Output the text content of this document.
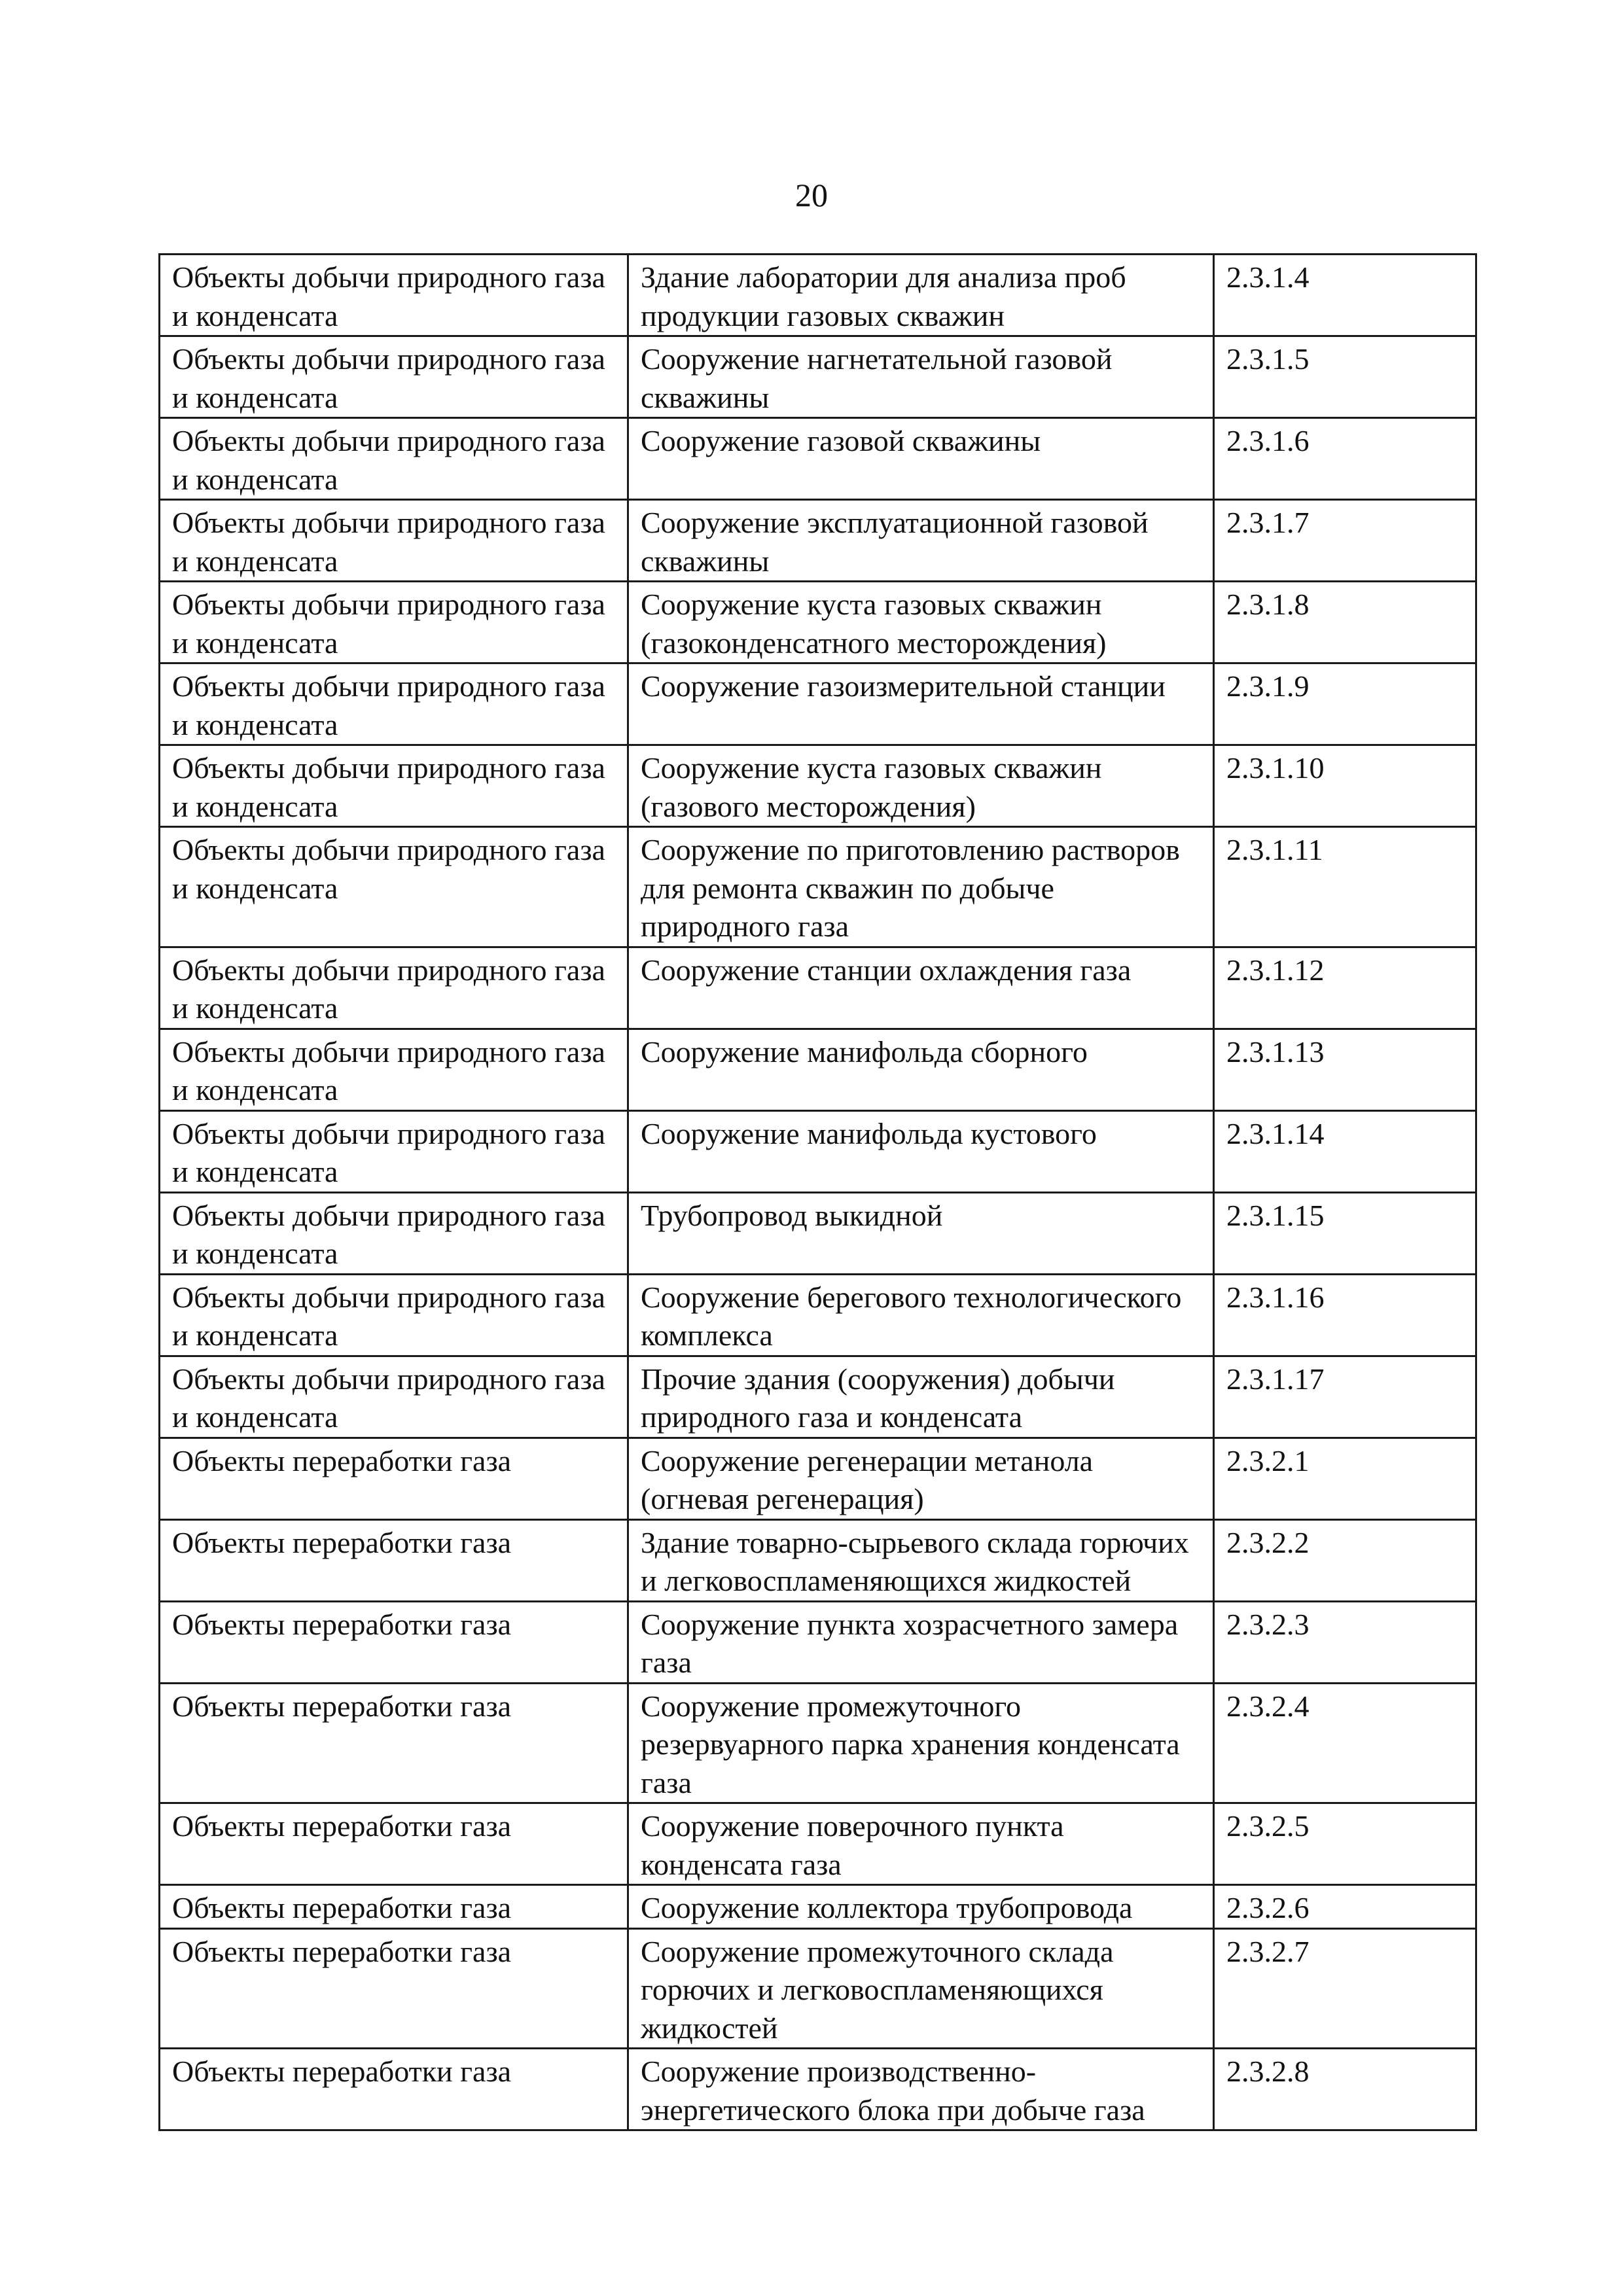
20
Объекты добычи природного газа и конденсата	Здание лаборатории для анализа проб продукции газовых скважин	2.3.1.4
Объекты добычи природного газа и конденсата	Сооружение нагнетательной газовой скважины	2.3.1.5
Объекты добычи природного газа и конденсата	Сооружение газовой скважины	2.3.1.6
Объекты добычи природного газа и конденсата	Сооружение эксплуатационной газовой скважины	2.3.1.7
Объекты добычи природного газа и конденсата	Сооружение куста газовых скважин (газоконденсатного месторождения)	2.3.1.8
Объекты добычи природного газа и конденсата	Сооружение газоизмерительной станции	2.3.1.9
Объекты добычи природного газа и конденсата	Сооружение куста газовых скважин (газового месторождения)	2.3.1.10
Объекты добычи природного газа и конденсата	Сооружение по приготовлению растворов для ремонта скважин по добыче природного газа	2.3.1.11
Объекты добычи природного газа и конденсата	Сооружение станции охлаждения газа	2.3.1.12
Объекты добычи природного газа и конденсата	Сооружение манифольда сборного	2.3.1.13
Объекты добычи природного газа и конденсата	Сооружение манифольда кустового	2.3.1.14
Объекты добычи природного газа и конденсата	Трубопровод выкидной	2.3.1.15
Объекты добычи природного газа и конденсата	Сооружение берегового технологического комплекса	2.3.1.16
Объекты добычи природного газа и конденсата	Прочие здания (сооружения) добычи природного газа и конденсата	2.3.1.17
Объекты переработки газа	Сооружение регенерации метанола (огневая регенерация)	2.3.2.1
Объекты переработки газа	Здание товарно-сырьевого склада горючих и легковоспламеняющихся жидкостей	2.3.2.2
Объекты переработки газа	Сооружение пункта хозрасчетного замера газа	2.3.2.3
Объекты переработки газа	Сооружение промежуточного резервуарного парка хранения конденсата газа	2.3.2.4
Объекты переработки газа	Сооружение поверочного пункта конденсата газа	2.3.2.5
Объекты переработки газа	Сооружение коллектора трубопровода	2.3.2.6
Объекты переработки газа	Сооружение промежуточного склада горючих и легковоспламеняющихся жидкостей	2.3.2.7
Объекты переработки газа	Сооружение производственно-энергетического блока при добыче газа	2.3.2.8
